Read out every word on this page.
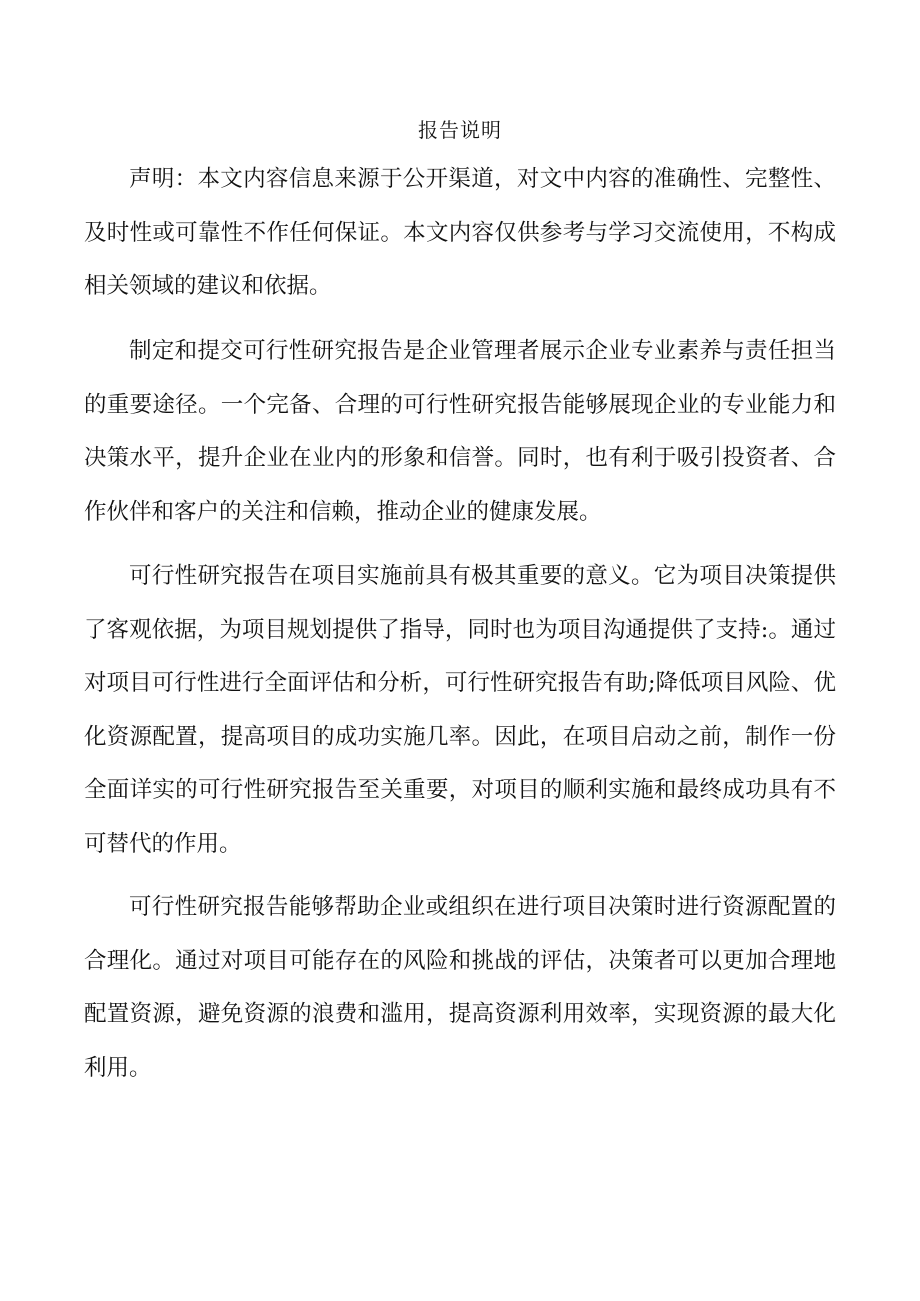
报告说明

声明：本文内容信息来源于公开渠道，对文中内容的准确性、完整性、及时性或可靠性不作任何保证。本文内容仅供参考与学习交流使用，不构成相关领域的建议和依据。

制定和提交可行性研究报告是企业管理者展示企业专业素养与责任担当的重要途径。一个完备、合理的可行性研究报告能够展现企业的专业能力和决策水平，提升企业在业内的形象和信誉。同时，也有利于吸引投资者、合作伙伴和客户的关注和信赖，推动企业的健康发展。

可行性研究报告在项目实施前具有极其重要的意义。它为项目决策提供了客观依据，为项目规划提供了指导，同时也为项目沟通提供了支持:。通过对项目可行性进行全面评估和分析，可行性研究报告有助;降低项目风险、优化资源配置，提高项目的成功实施几率。因此，在项目启动之前，制作一份全面详实的可行性研究报告至关重要，对项目的顺利实施和最终成功具有不可替代的作用。

可行性研究报告能够帮助企业或组织在进行项目决策时进行资源配置的合理化。通过对项目可能存在的风险和挑战的评估，决策者可以更加合理地配置资源，避免资源的浪费和滥用，提高资源利用效率，实现资源的最大化利用。
